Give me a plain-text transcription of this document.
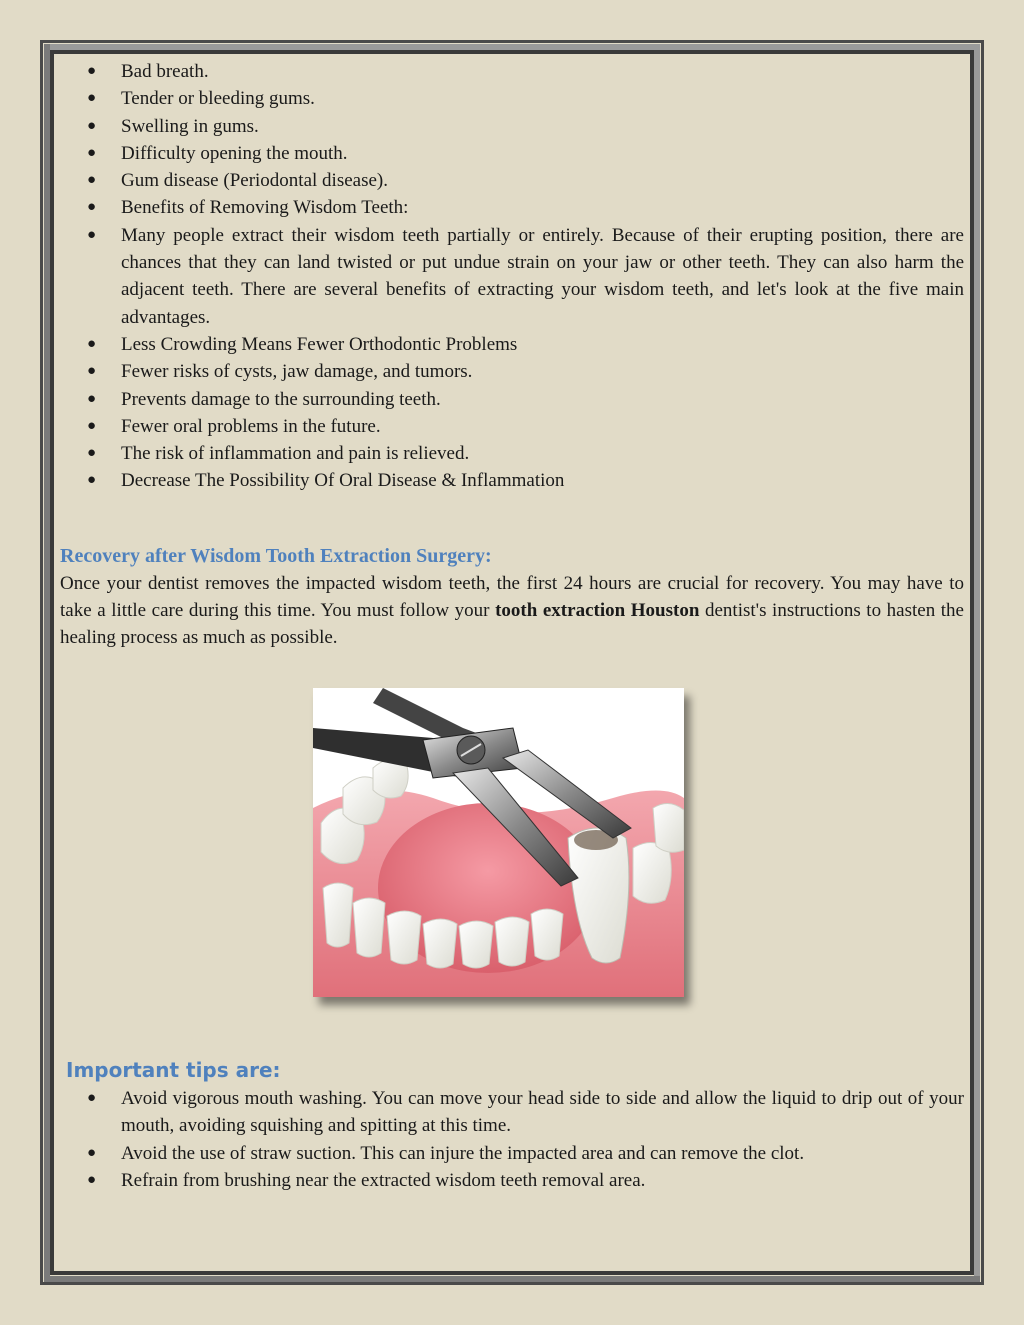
● Bad breath.
● Tender or bleeding gums.
● Swelling in gums.
● Difficulty opening the mouth.
● Gum disease (Periodontal disease).
● Benefits of Removing Wisdom Teeth:
● Many people extract their wisdom teeth partially or entirely. Because of their erupting position, there are chances that they can land twisted or put undue strain on your jaw or other teeth. They can also harm the adjacent teeth. There are several benefits of extracting your wisdom teeth, and let's look at the five main advantages.
● Less Crowding Means Fewer Orthodontic Problems
● Fewer risks of cysts, jaw damage, and tumors.
● Prevents damage to the surrounding teeth.
● Fewer oral problems in the future.
● The risk of inflammation and pain is relieved.
● Decrease The Possibility Of Oral Disease & Inflammation
Recovery after Wisdom Tooth Extraction Surgery:

Once your dentist removes the impacted wisdom teeth, the first 24 hours are crucial for recovery. You may have to take a little care during this time. You must follow your tooth extraction Houston dentist's instructions to hasten the healing process as much as possible.

Important tips are:
● Avoid vigorous mouth washing. You can move your head side to side and allow the liquid to drip out of your mouth, avoiding squishing and spitting at this time.
● Avoid the use of straw suction. This can injure the impacted area and can remove the clot.
● Refrain from brushing near the extracted wisdom teeth removal area.
